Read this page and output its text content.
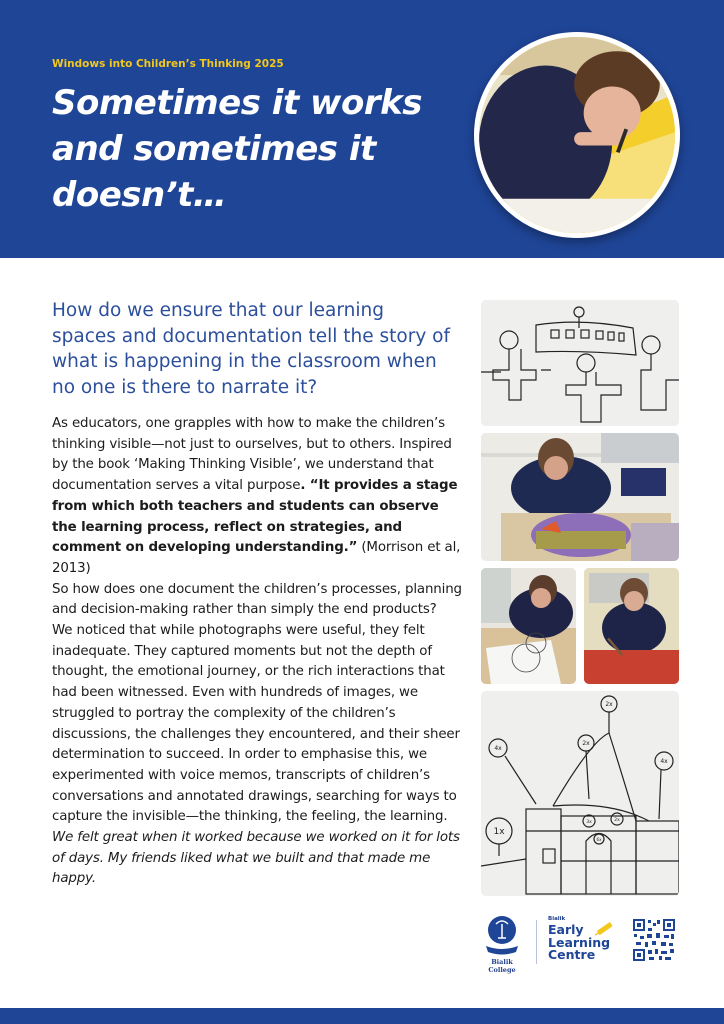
Windows into Children’s Thinking 2025
Sometimes it works and sometimes it doesn’t…
How do we ensure that our learning spaces and documentation tell the story of what is happening in the classroom when no one is there to narrate it?

As educators, one grapples with how to make the children’s thinking visible—not just to ourselves, but to others. Inspired by the book ‘Making Thinking Visible’, we understand that documentation serves a vital purpose. “It provides a stage from which both teachers and students can observe the learning process, reflect on strategies, and comment on developing understanding.” (Morrison et al, 2013)

So how does one document the children’s processes, planning and decision-making rather than simply the end products?

We noticed that while photographs were useful, they felt inadequate. They captured moments but not the depth of thought, the emotional journey, or the rich interactions that had been witnessed. Even with hundreds of images, we struggled to portray the complexity of the children’s discussions, the challenges they encountered, and their sheer determination to succeed. In order to emphasise this, we experimented with voice memos, transcripts of children’s conversations and annotated drawings, searching for ways to capture the invisible—the thinking, the feeling, the learning.

We felt great when it worked because we worked on it for lots of days. My friends liked what we built and that made me happy.

2x
4x
2x
4x
1x
3x	2x
6x
Bialik College
Bialik
Early
Learning
Centre
